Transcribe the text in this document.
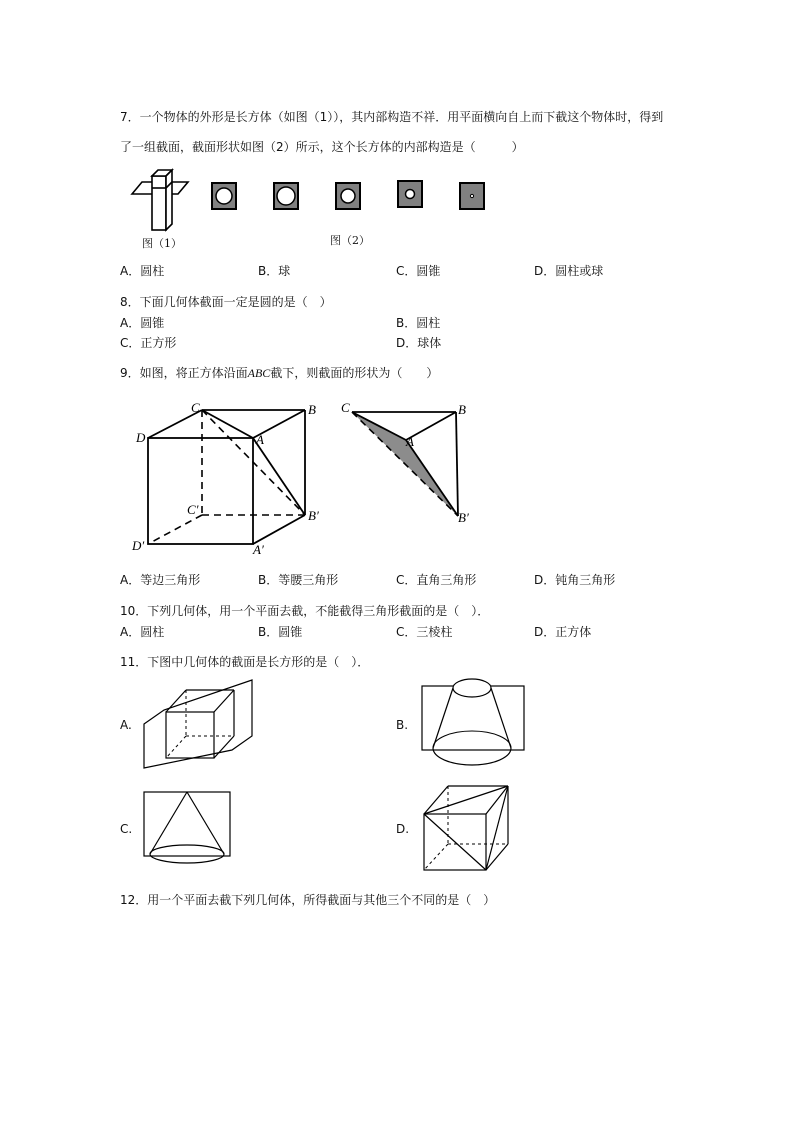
7．一个物体的外形是长方体（如图（1）），其内部构造不祥．用平面横向自上而下截这个物体时，得到
了一组截面，截面形状如图（2）所示，这个长方体的内部构造是（　　　）
图（1）	图（2）
A．圆柱	B．球	C．圆锥	D．圆柱或球
8．下面几何体截面一定是圆的是（　）
A．圆锥	B．圆柱
C．正方形	D．球体
9．如图，将正方体沿面ABC截下，则截面的形状为（　　）
C	B
D	A
C′	B′
D′	A′
C	B
A
B′
A．等边三角形	B．等腰三角形	C．直角三角形	D．钝角三角形
10．下列几何体，用一个平面去截，不能截得三角形截面的是（　）．
A．圆柱	B．圆锥	C．三棱柱	D．正方体
11．下图中几何体的截面是长方形的是（　）．
A.	B.
C.	D.
12．用一个平面去截下列几何体，所得截面与其他三个不同的是（　）
